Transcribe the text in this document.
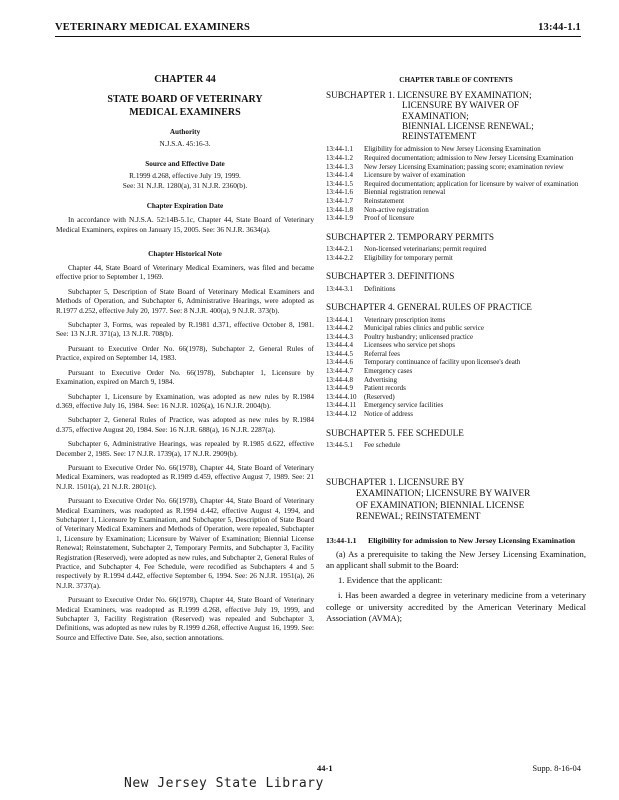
VETERINARY MEDICAL EXAMINERS	13:44-1.1

CHAPTER 44

STATE BOARD OF VETERINARY
MEDICAL EXAMINERS

Authority

N.J.S.A. 45:16-3.

Source and Effective Date

R.1999 d.268, effective July 19, 1999.

See: 31 N.J.R. 1280(a), 31 N.J.R. 2360(b).

Chapter Expiration Date

In accordance with N.J.S.A. 52:14B-5.1c, Chapter 44, State Board of Veterinary Medical Examiners, expires on January 15, 2005. See: 36 N.J.R. 3634(a).

Chapter Historical Note

Chapter 44, State Board of Veterinary Medical Examiners, was filed and became effective prior to September 1, 1969.

Subchapter 5, Description of State Board of Veterinary Medical Examiners and Methods of Operation, and Subchapter 6, Administrative Hearings, were adopted as R.1977 d.252, effective July 20, 1977. See: 8 N.J.R. 400(a), 9 N.J.R. 373(b).

Subchapter 3, Forms, was repealed by R.1981 d.371, effective October 8, 1981. See: 13 N.J.R. 371(a), 13 N.J.R. 708(b).

Pursuant to Executive Order No. 66(1978), Subchapter 2, General Rules of Practice, expired on September 14, 1983.

Pursuant to Executive Order No. 66(1978), Subchapter 1, Licensure by Examination, expired on March 9, 1984.

Subchapter 1, Licensure by Examination, was adopted as new rules by R.1984 d.369, effective July 16, 1984. See: 16 N.J.R. 1026(a), 16 N.J.R. 2004(b).

Subchapter 2, General Rules of Practice, was adopted as new rules by R.1984 d.375, effective August 20, 1984. See: 16 N.J.R. 688(a), 16 N.J.R. 2287(a).

Subchapter 6, Administrative Hearings, was repealed by R.1985 d.622, effective December 2, 1985. See: 17 N.J.R. 1739(a), 17 N.J.R. 2909(b).

Pursuant to Executive Order No. 66(1978), Chapter 44, State Board of Veterinary Medical Examiners, was readopted as R.1989 d.459, effective August 7, 1989. See: 21 N.J.R. 1501(a), 21 N.J.R. 2801(c).

Pursuant to Executive Order No. 66(1978), Chapter 44, State Board of Veterinary Medical Examiners, was readopted as R.1994 d.442, effective August 4, 1994, and Subchapter 1, Licensure by Examination, and Subchapter 5, Description of State Board of Veterinary Medical Examiners and Methods of Operation, were repealed, Subchapter 1, Licensure by Examination; Licensure by Waiver of Examination; Biennial License Renewal; Reinstatement, Subchapter 2, Temporary Permits, and Subchapter 3, Facility Registration (Reserved), were adopted as new rules, and Subchapter 2, General Rules of Practice, and Subchapter 4, Fee Schedule, were recodified as Subchapters 4 and 5 respectively by R.1994 d.442, effective September 6, 1994. See: 26 N.J.R. 1951(a), 26 N.J.R. 3737(a).

Pursuant to Executive Order No. 66(1978), Chapter 44, State Board of Veterinary Medical Examiners, was readopted as R.1999 d.268, effective July 19, 1999, and Subchapter 3, Facility Registration (Reserved) was repealed and Subchapter 3, Definitions, was adopted as new rules by R.1999 d.268, effective August 16, 1999. See: Source and Effective Date. See, also, section annotations.

CHAPTER TABLE OF CONTENTS

SUBCHAPTER 1. LICENSURE BY EXAMINATION;
LICENSURE BY WAIVER OF EXAMINATION;
BIENNIAL LICENSE RENEWAL;
REINSTATEMENT
13:44-1.1	Eligibility for admission to New Jersey Licensing Examination
13:44-1.2	Required documentation; admission to New Jersey Licensing Examination
13:44-1.3	New Jersey Licensing Examination; passing score; examination review
13:44-1.4	Licensure by waiver of examination
13:44-1.5	Required documentation; application for licensure by waiver of examination
13:44-1.6	Biennial registration renewal
13:44-1.7	Reinstatement
13:44-1.8	Non-active registration
13:44-1.9	Proof of licensure
SUBCHAPTER 2. TEMPORARY PERMITS
13:44-2.1	Non-licensed veterinarians; permit required
13:44-2.2	Eligibility for temporary permit
SUBCHAPTER 3. DEFINITIONS
13:44-3.1	Definitions
SUBCHAPTER 4. GENERAL RULES OF PRACTICE
13:44-4.1	Veterinary prescription items
13:44-4.2	Municipal rabies clinics and public service
13:44-4.3	Poultry husbandry; unlicensed practice
13:44-4.4	Licensees who service pet shops
13:44-4.5	Referral fees
13:44-4.6	Temporary continuance of facility upon licensee's death
13:44-4.7	Emergency cases
13:44-4.8	Advertising
13:44-4.9	Patient records
13:44-4.10	(Reserved)
13:44-4.11	Emergency service facilities
13:44-4.12	Notice of address
SUBCHAPTER 5. FEE SCHEDULE
13:44-5.1	Fee schedule
SUBCHAPTER 1. LICENSURE BY
EXAMINATION; LICENSURE BY WAIVER
OF EXAMINATION; BIENNIAL LICENSE
RENEWAL; REINSTATEMENT
13:44-1.1	Eligibility for admission to New Jersey Licensing Examination

(a) As a prerequisite to taking the New Jersey Licensing Examination, an applicant shall submit to the Board:

1. Evidence that the applicant:

i. Has been awarded a degree in veterinary medicine from a veterinary college or university accredited by the American Veterinary Medical Association (AVMA);

44-1	Supp. 8-16-04
New Jersey State Library
